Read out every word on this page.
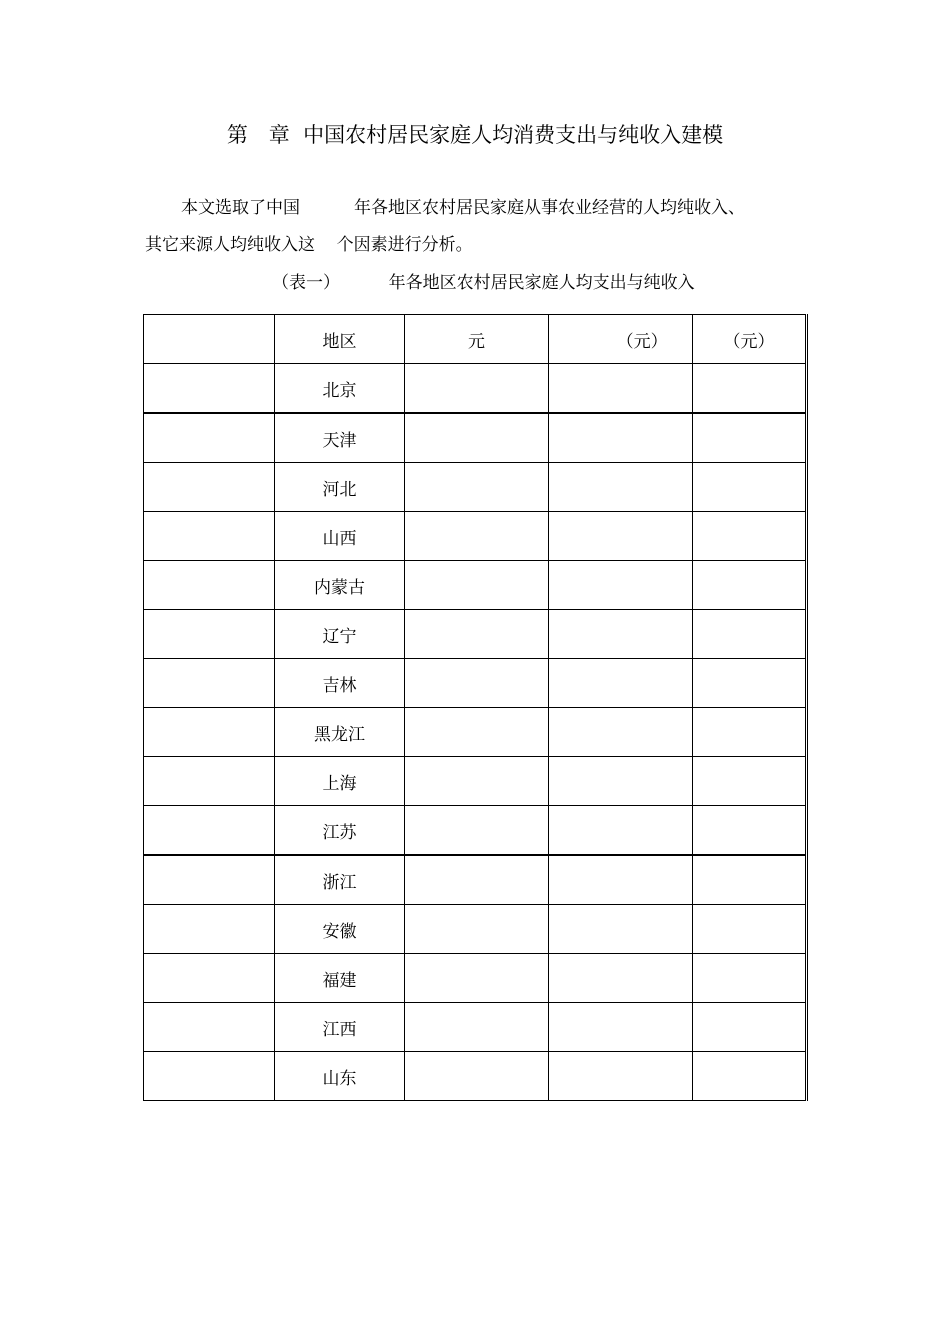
第　章  中国农村居民家庭人均消费支出与纯收入建模
本文选取了中国          年各地区农村居民家庭从事农业经营的人均纯收入、
其它来源人均纯收入这    个因素进行分析。
（表一）         年各地区农村居民家庭人均支出与纯收入
	地区	元	（元）	（元）
	北京			
	天津			
	河北			
	山西			
	内蒙古			
	辽宁			
	吉林			
	黑龙江			
	上海			
	江苏			
	浙江			
	安徽			
	福建			
	江西			
	山东			
